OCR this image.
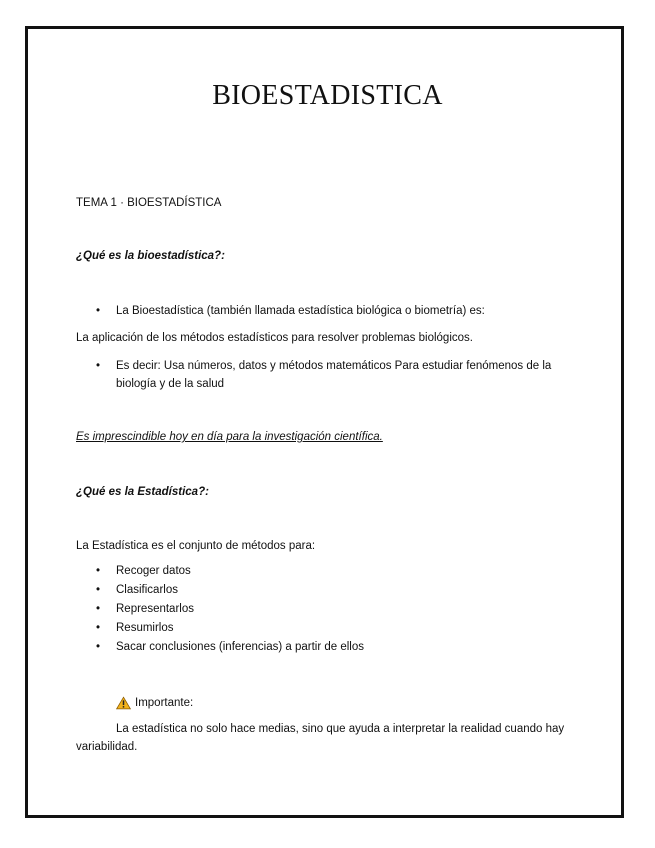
BIOESTADISTICA

TEMA 1 · BIOESTADÍSTICA

¿Qué es la bioestadística?:

• La Bioestadística (también llamada estadística biológica o biometría) es:

La aplicación de los métodos estadísticos para resolver problemas biológicos.

• Es decir: Usa números, datos y métodos matemáticos Para estudiar fenómenos de la biología y de la salud

Es imprescindible hoy en día para la investigación científica.

¿Qué es la Estadística?:

La Estadística es el conjunto de métodos para:

• Recoger datos
• Clasificarlos
• Representarlos
• Resumirlos
• Sacar conclusiones (inferencias) a partir de ellos
Importante:

La estadística no solo hace medias, sino que ayuda a interpretar la realidad cuando hay variabilidad.
